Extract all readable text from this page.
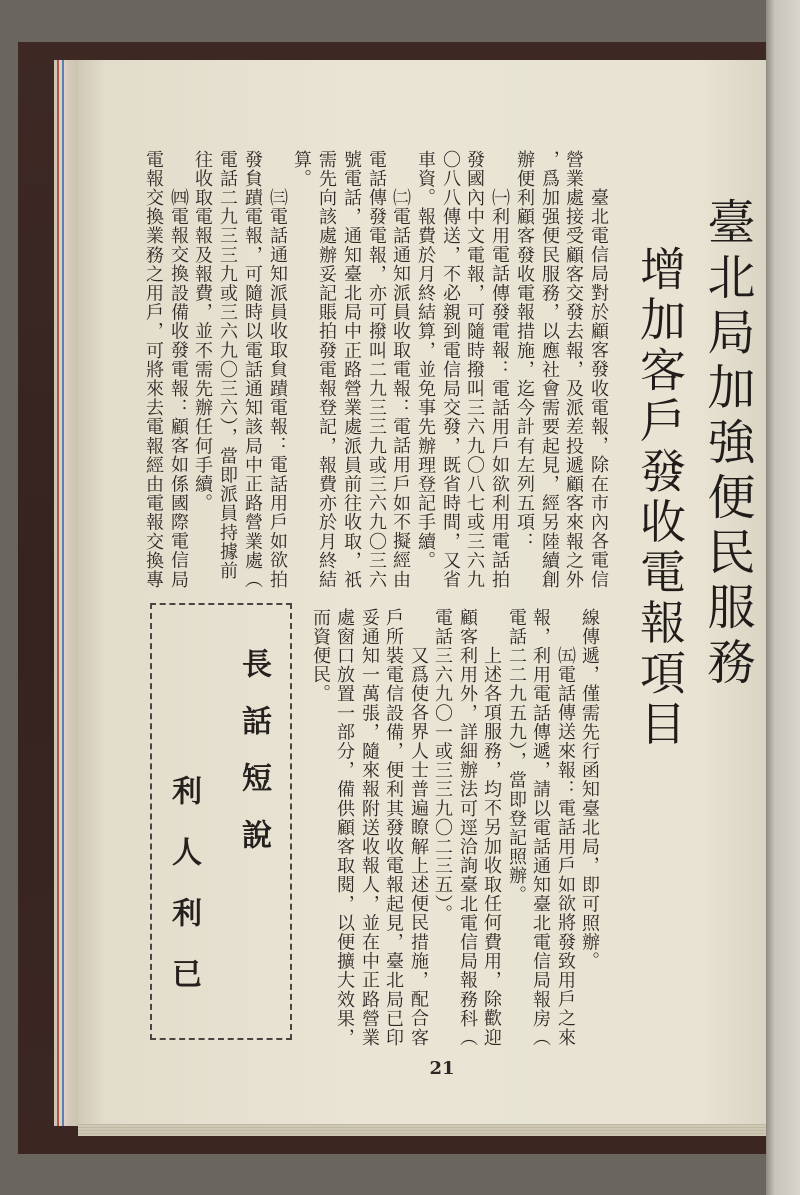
臺北局加強便民服務
增加客戶發收電報項目
臺北電信局對於顧客發收電報，除在市內各電信
營業處接受顧客交發去報，及派差投遞顧客來報之外
，爲加强便民服務，以應社會需要起見，經另陸續創
辦便利顧客發收電報措施，迄今計有左列五項：
㈠利用電話傳發電報：電話用戶如欲利用電話拍
發國內中文電報，可隨時撥叫三六九〇八七或三六九
〇八八傳送，不必親到電信局交發，既省時間，又省
車資。報費於月終結算，並免事先辦理登記手續。
㈡電話通知派員收取電報：電話用戶如不擬經由
電話傳發電報，亦可撥叫二九三三九或三六九〇三六
號電話，通知臺北局中正路營業處派員前往收取，祇
需先向該處辦妥記賬拍發電報登記，報費亦於月終結
算。
㈢電話通知派員收取貟蹟電報：電話用戶如欲拍
發貟蹟電報，可隨時以電話通知該局中正路營業處（
電話二九三三九或三六九〇三六），當即派員持據前
往收取電報及報費，並不需先辦任何手續。
㈣電報交換設備收發電報：顧客如係國際電信局
電報交換業務之用戶，可將來去電報經由電報交換專
線傳遞，僅需先行函知臺北局，即可照辦。
㈤電話傳送來報：電話用戶如欲將發致用戶之來
報，利用電話傳遞，請以電話通知臺北電信局報房（
電話二二九五九），當即登記照辦。
上述各項服務，均不另加收取任何費用，除歡迎
顧客利用外，詳細辦法可逕洽詢臺北電信局報務科（
電話三六九〇一或三三九〇二三五）。
又爲使各界人士普遍瞭解上述便民措施，配合客
戶所裝電信設備，便利其發收電報起見，臺北局已印
妥通知一萬張，隨來報附送收報人，並在中正路營業
處窗口放置一部分，備供顧客取閱，以便擴大效果，
而資便民。
長話短說
利人利已
21
